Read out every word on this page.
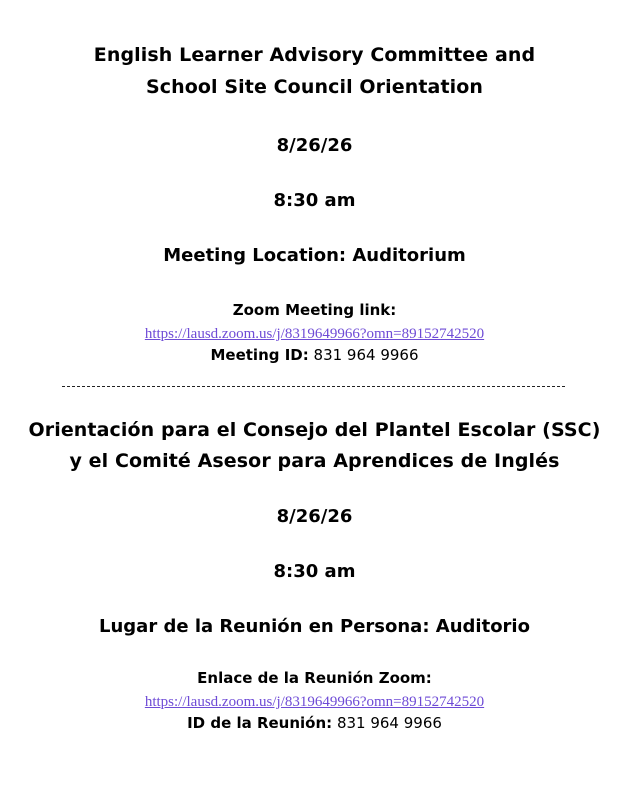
English Learner Advisory Committee and
School Site Council Orientation
8/26/26
8:30 am
Meeting Location: Auditorium
Zoom Meeting link:
https://lausd.zoom.us/j/8319649966?omn=89152742520
Meeting ID: 831 964 9966
Orientación para el Consejo del Plantel Escolar (SSC)
y el Comité Asesor para Aprendices de Inglés
8/26/26
8:30 am
Lugar de la Reunión en Persona: Auditorio
Enlace de la Reunión Zoom:
https://lausd.zoom.us/j/8319649966?omn=89152742520
ID de la Reunión: 831 964 9966
